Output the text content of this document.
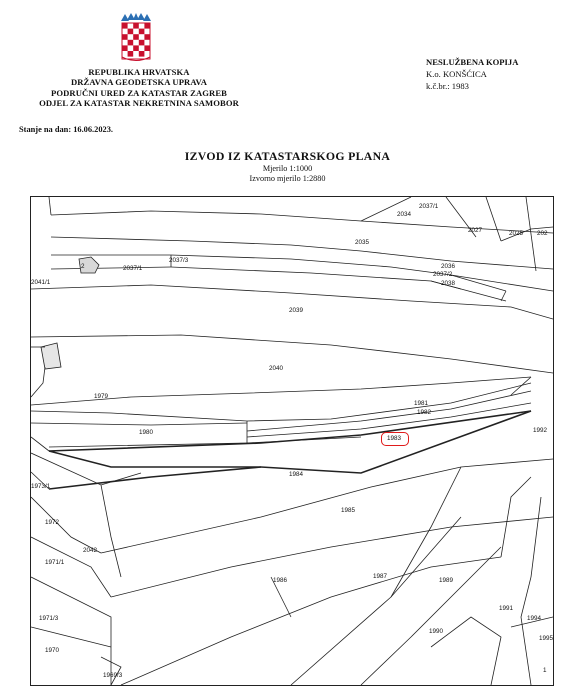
REPUBLIKA HRVATSKA
DRŽAVNA GEODETSKA UPRAVA
PODRUČNI URED ZA KATASTAR ZAGREB
ODJEL ZA KATASTAR NEKRETNINA SAMOBOR
NESLUŽBENA KOPIJA
K.o. KONŠĆICA
k.č.br.: 1983
Stanje na dan: 16.06.2023.
IZVOD IZ KATASTARSKOG PLANA
Mjerilo 1:1000
Izvorno mjerilo 1:2880
2034
2037/1
2027	2025 202
2035
2037/3
2037/1
2041/1
2	2036
2037/2
2038
2039
2040
1979
1981
1982
1980
1983
1992
1984
1973/1
1985
1972
2042
1971/1
1986
1987
1989
1971/3
1991
1994
1990
1995
1970
1969/3
1
